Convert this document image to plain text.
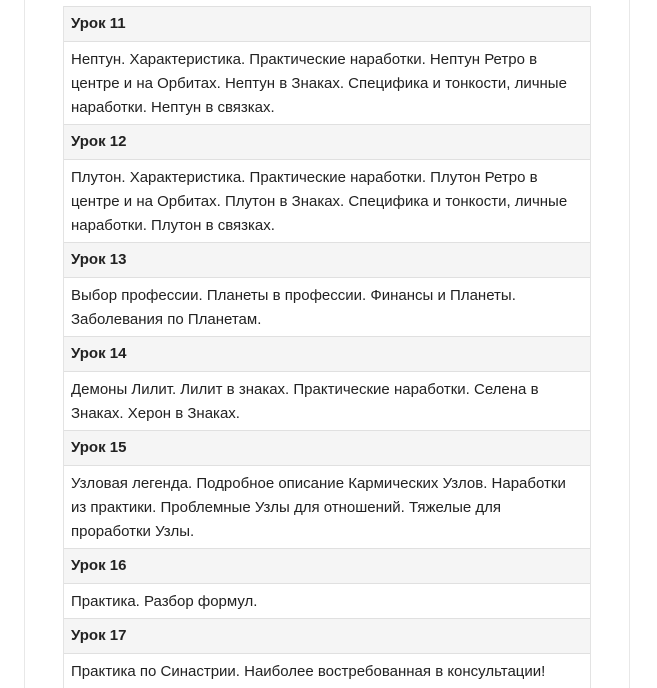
Урок 11
Нептун. Характеристика. Практические наработки. Нептун Ретро в центре и на Орбитах. Нептун в Знаках. Специфика и тонкости, личные наработки. Нептун в связках.
Урок 12
Плутон. Характеристика. Практические наработки. Плутон Ретро в центре и на Орбитах. Плутон в Знаках. Специфика и тонкости, личные наработки. Плутон в связках.
Урок 13
Выбор профессии. Планеты в профессии. Финансы и Планеты. Заболевания по Планетам.
Урок 14
Демоны Лилит. Лилит в знаках. Практические наработки. Селена в Знаках. Херон в Знаках.
Урок 15
Узловая легенда. Подробное описание Кармических Узлов. Наработки из практики. Проблемные Узлы для отношений. Тяжелые для проработки Узлы.
Урок 16
Практика. Разбор формул.
Урок 17
Практика по Синастрии. Наиболее востребованная в консультации!
